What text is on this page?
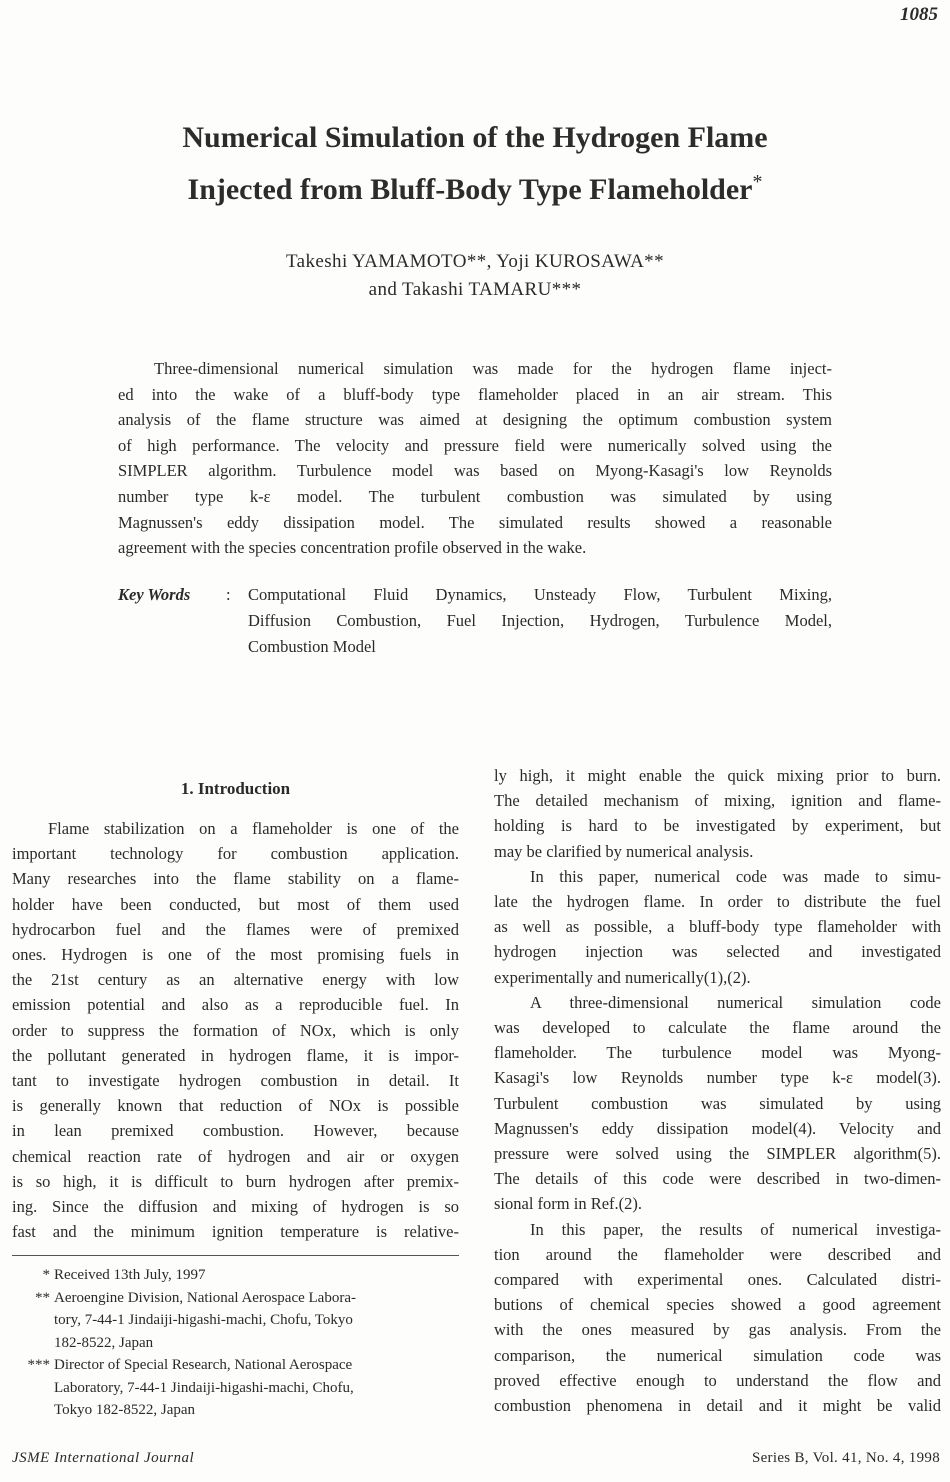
1085
Numerical Simulation of the Hydrogen Flame
Injected from Bluff-Body Type Flameholder*
Takeshi YAMAMOTO**, Yoji KUROSAWA**
and Takashi TAMARU***
Three-dimensional numerical simulation was made for the hydrogen flame inject-
ed into the wake of a bluff-body type flameholder placed in an air stream. This
analysis of the flame structure was aimed at designing the optimum combustion system
of high performance. The velocity and pressure field were numerically solved using the
SIMPLER algorithm. Turbulence model was based on Myong-Kasagi's low Reynolds
number type k-ε model. The turbulent combustion was simulated by using
Magnussen's eddy dissipation model. The simulated results showed a reasonable
agreement with the species concentration profile observed in the wake.
Key Words : Computational Fluid Dynamics, Unsteady Flow, Turbulent Mixing,
Diffusion Combustion, Fuel Injection, Hydrogen, Turbulence Model,
Combustion Model
1. Introduction
Flame stabilization on a flameholder is one of the
important technology for combustion application.
Many researches into the flame stability on a flame-
holder have been conducted, but most of them used
hydrocarbon fuel and the flames were of premixed
ones. Hydrogen is one of the most promising fuels in
the 21st century as an alternative energy with low
emission potential and also as a reproducible fuel. In
order to suppress the formation of NOx, which is only
the pollutant generated in hydrogen flame, it is impor-
tant to investigate hydrogen combustion in detail. It
is generally known that reduction of NOx is possible
in lean premixed combustion. However, because
chemical reaction rate of hydrogen and air or oxygen
is so high, it is difficult to burn hydrogen after premix-
ing. Since the diffusion and mixing of hydrogen is so
fast and the minimum ignition temperature is relative-
* Received 13th July, 1997
** Aeroengine Division, National Aerospace Labora-
tory, 7-44-1 Jindaiji-higashi-machi, Chofu, Tokyo
182-8522, Japan
*** Director of Special Research, National Aerospace
Laboratory, 7-44-1 Jindaiji-higashi-machi, Chofu,
Tokyo 182-8522, Japan
ly high, it might enable the quick mixing prior to burn.
The detailed mechanism of mixing, ignition and flame-
holding is hard to be investigated by experiment, but
may be clarified by numerical analysis.
In this paper, numerical code was made to simu-
late the hydrogen flame. In order to distribute the fuel
as well as possible, a bluff-body type flameholder with
hydrogen injection was selected and investigated
experimentally and numerically(1),(2).
A three-dimensional numerical simulation code
was developed to calculate the flame around the
flameholder. The turbulence model was Myong-
Kasagi's low Reynolds number type k-ε model(3).
Turbulent combustion was simulated by using
Magnussen's eddy dissipation model(4). Velocity and
pressure were solved using the SIMPLER algorithm(5).
The details of this code were described in two-dimen-
sional form in Ref.(2).
In this paper, the results of numerical investiga-
tion around the flameholder were described and
compared with experimental ones. Calculated distri-
butions of chemical species showed a good agreement
with the ones measured by gas analysis. From the
comparison, the numerical simulation code was
proved effective enough to understand the flow and
combustion phenomena in detail and it might be valid
JSME International Journal	Series B, Vol. 41, No. 4, 1998
